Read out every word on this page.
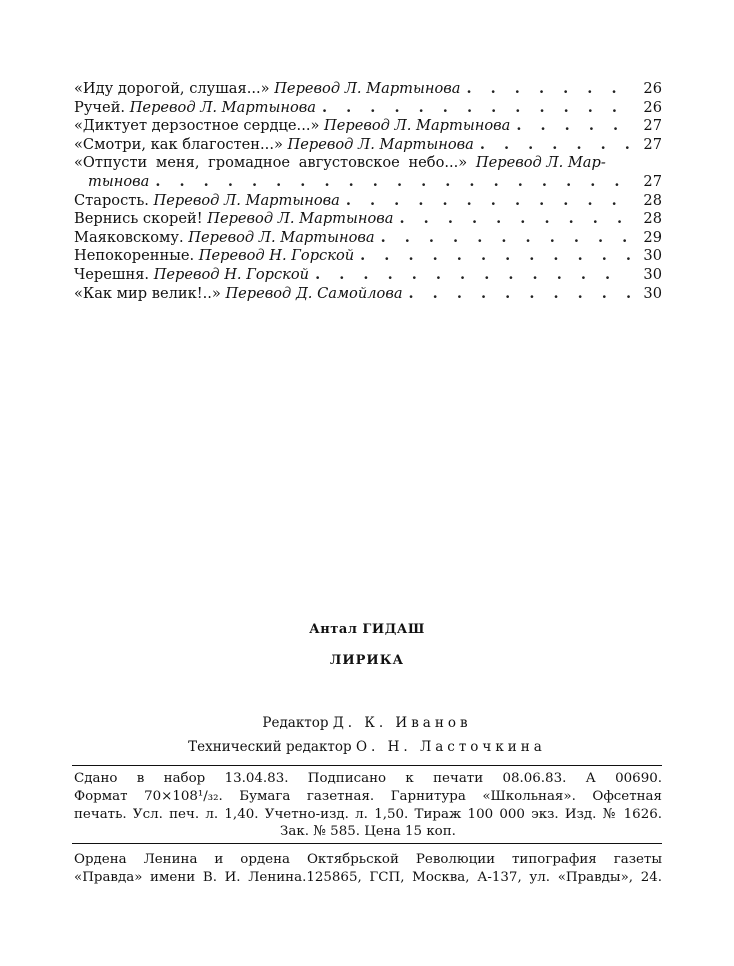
«Иду дорогой, слушая...» Перевод Л. Мартынова . . .	26
Ручей. Перевод Л. Мартынова . . .	26
«Диктует дерзостное сердце...» Перевод Л. Мартынова . . .	27
«Смотри, как благостен...» Перевод Л. Мартынова . . .	27
«Отпусти меня, громадное августовское небо...» Перевод Л. Мар-
тынова . . .	27
Старость. Перевод Л. Мартынова . . .	28
Вернись скорей! Перевод Л. Мартынова . . .	28
Маяковскому. Перевод Л. Мартынова . . .	29
Непокоренные. Перевод Н. Горской . . .	30
Черешня. Перевод Н. Горской . . .	30
«Как мир велик!..» Перевод Д. Самойлова . . .	30
Антал ГИДАШ
ЛИРИКА
Редактор Д. К. Иванов
Технический редактор О. Н. Ласточкина
Сдано в набор 13.04.83. Подписано к печати 08.06.83. А 00690.
Формат 70×108¹/₃₂. Бумага газетная. Гарнитура «Школьная». Офсетная
печать. Усл. печ. л. 1,40. Учетно-изд. л. 1,50. Тираж 100 000 экз. Изд. № 1626.
Зак. № 585. Цена 15 коп.
Ордена Ленина и ордена Октябрьской Революции типография газеты
«Правда» имени В. И. Ленина.125865, ГСП, Москва, А-137, ул. «Правды», 24.
